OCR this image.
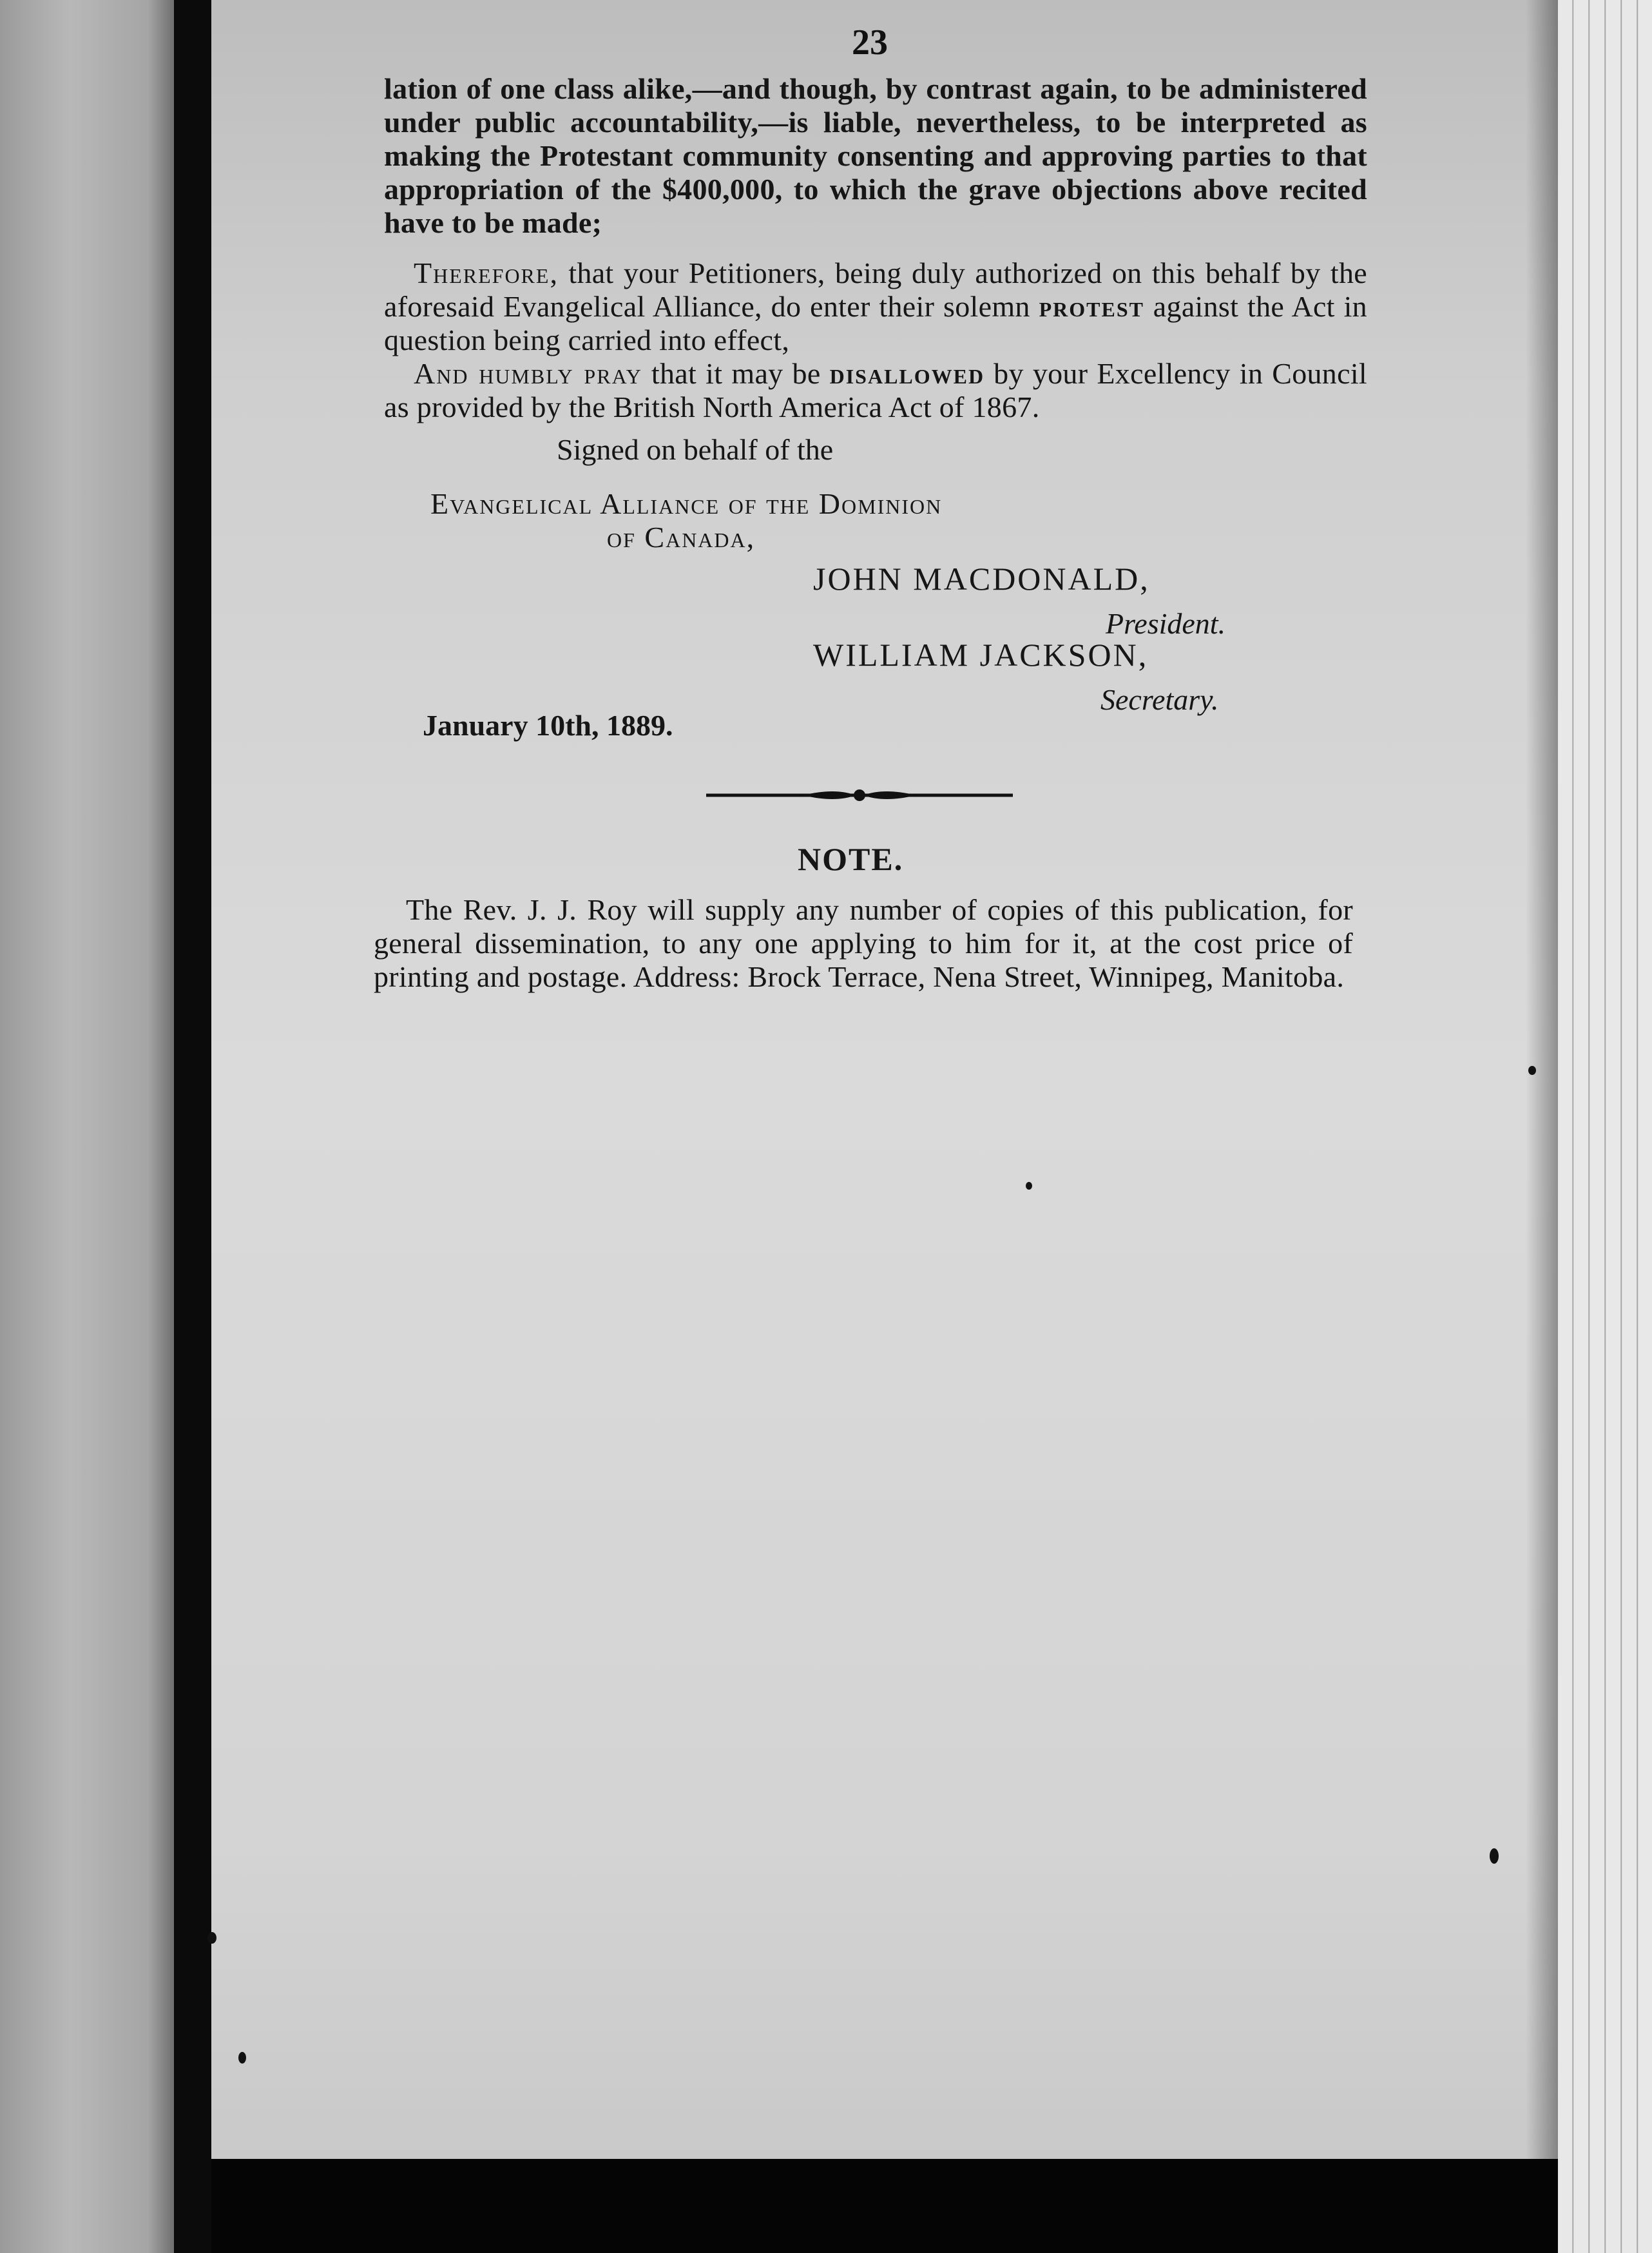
23
lation of one class alike,—and though, by contrast again, to be administered under public accountability,—is liable, nevertheless, to be interpreted as making the Protestant community consenting and approving parties to that appropriation of the $400,000, to which the grave objections above recited have to be made;
Therefore, that your Petitioners, being duly authorized on this behalf by the aforesaid Evangelical Alliance, do enter their solemn protest against the Act in question being carried into effect,
And humbly pray that it may be disallowed by your Excellency in Council as provided by the British North America Act of 1867.
Signed on behalf of the
Evangelical Alliance of the Dominion
of Canada,
JOHN MACDONALD,
President.
WILLIAM JACKSON,
Secretary.
January 10th, 1889.
NOTE.
The Rev. J. J. Roy will supply any number of copies of this publication, for general dissemination, to any one applying to him for it, at the cost price of printing and postage. Address: Brock Terrace, Nena Street, Winnipeg, Manitoba.
